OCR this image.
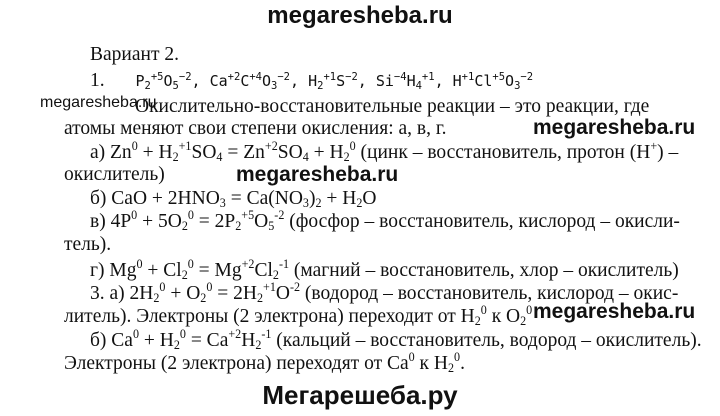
megaresheba.ru
Вариант 2.
1. $P_2^{+5}O_5^{-2}$, $Ca^{+2}C^{+4}O_3^{-2}$, $H_2^{+1}S^{-2}$, $Si^{-4}H_4^{+1}$, $H^{+1}Cl^{+5}O_3^{-2}$
megaresheba.ru
Окислительно-восстановительные реакции – это реакции, где
атомы меняют свои степени окисления: а, в, г.	megaresheba.ru
а) $Zn^0 + H_2^{+1}SO_4 = Zn^{+2}SO_4 + H_2^0$ (цинк – восстановитель, протон (H+) –
окислитель)	megaresheba.ru
б) CaO + $2HNO_3 = Ca(NO_3)_2 + H_2O$
в) $4P^0 + 5O_2^0 = 2P_2^{+5}O_5^{-2}$ (фосфор – восстановитель, кислород – окисли-
тель).
г) $Mg^0 + Cl_2^0 = Mg^{+2}Cl_2^{-1}$ (магний – восстановитель, хлор – окислитель)
3. а) $2H_2^0 + O_2^0 = 2H_2^{+1}O^{-2}$ (водород – восстановитель, кислород – окис-
литель). Электроны (2 электрона) переходит от $H_2^0$ к $O_2^0$ megaresheba.ru
б) $Ca^0 + H_2^0 = Ca^{+2}H_2^{-1}$ (кальций – восстановитель, водород – окислитель).
Электроны (2 электрона) переходят от Ca$^0$ к $H_2^0$.
Мегарешеба.ру
